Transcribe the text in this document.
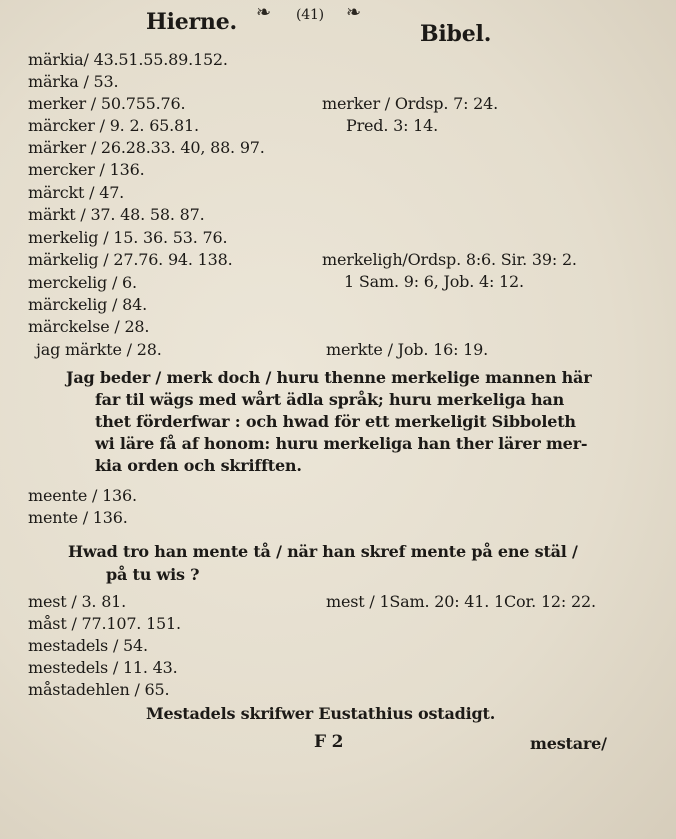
Hierne. ❧ (41) ❧
Bibel.
märkia/ 43.51.55.89.152.
märka / 53.
merker / 50.755.76.
märcker / 9. 2. 65.81.
märker / 26.28.33. 40, 88. 97.
mercker / 136.
märckt / 47.
märkt / 37. 48. 58. 87.
merkelig / 15. 36. 53. 76.
märkelig / 27.76. 94. 138.
merckelig / 6.
märckelig / 84.
märckelse / 28.
jag märkte / 28.
merker / Ordsp. 7: 24.
Pred. 3: 14.
merkeligh/Ordsp. 8:6. Sir. 39: 2.
1 Sam. 9: 6, Job. 4: 12.
merkte / Job. 16: 19.
Jag beder / merk doch / huru thenne merkelige mannen här
far til wägs med wårt ädla språk; huru merkeliga han
thet förderfwar : och hwad för ett merkeligit Sibboleth
wi läre få af honom: huru merkeliga han ther lärer mer-
kia orden och skrifften.
meente / 136.
mente / 136.
Hwad tro han mente tå / när han skref mente på ene stäl /
på tu wis ?
mest / 3. 81.
måst / 77.107. 151.
mestadels / 54.
mestedels / 11. 43.
måstadehlen / 65.
mest / 1Sam. 20: 41. 1Cor. 12: 22.
Mestadels skrifwer Eustathius ostadigt.
F 2	mestare/
